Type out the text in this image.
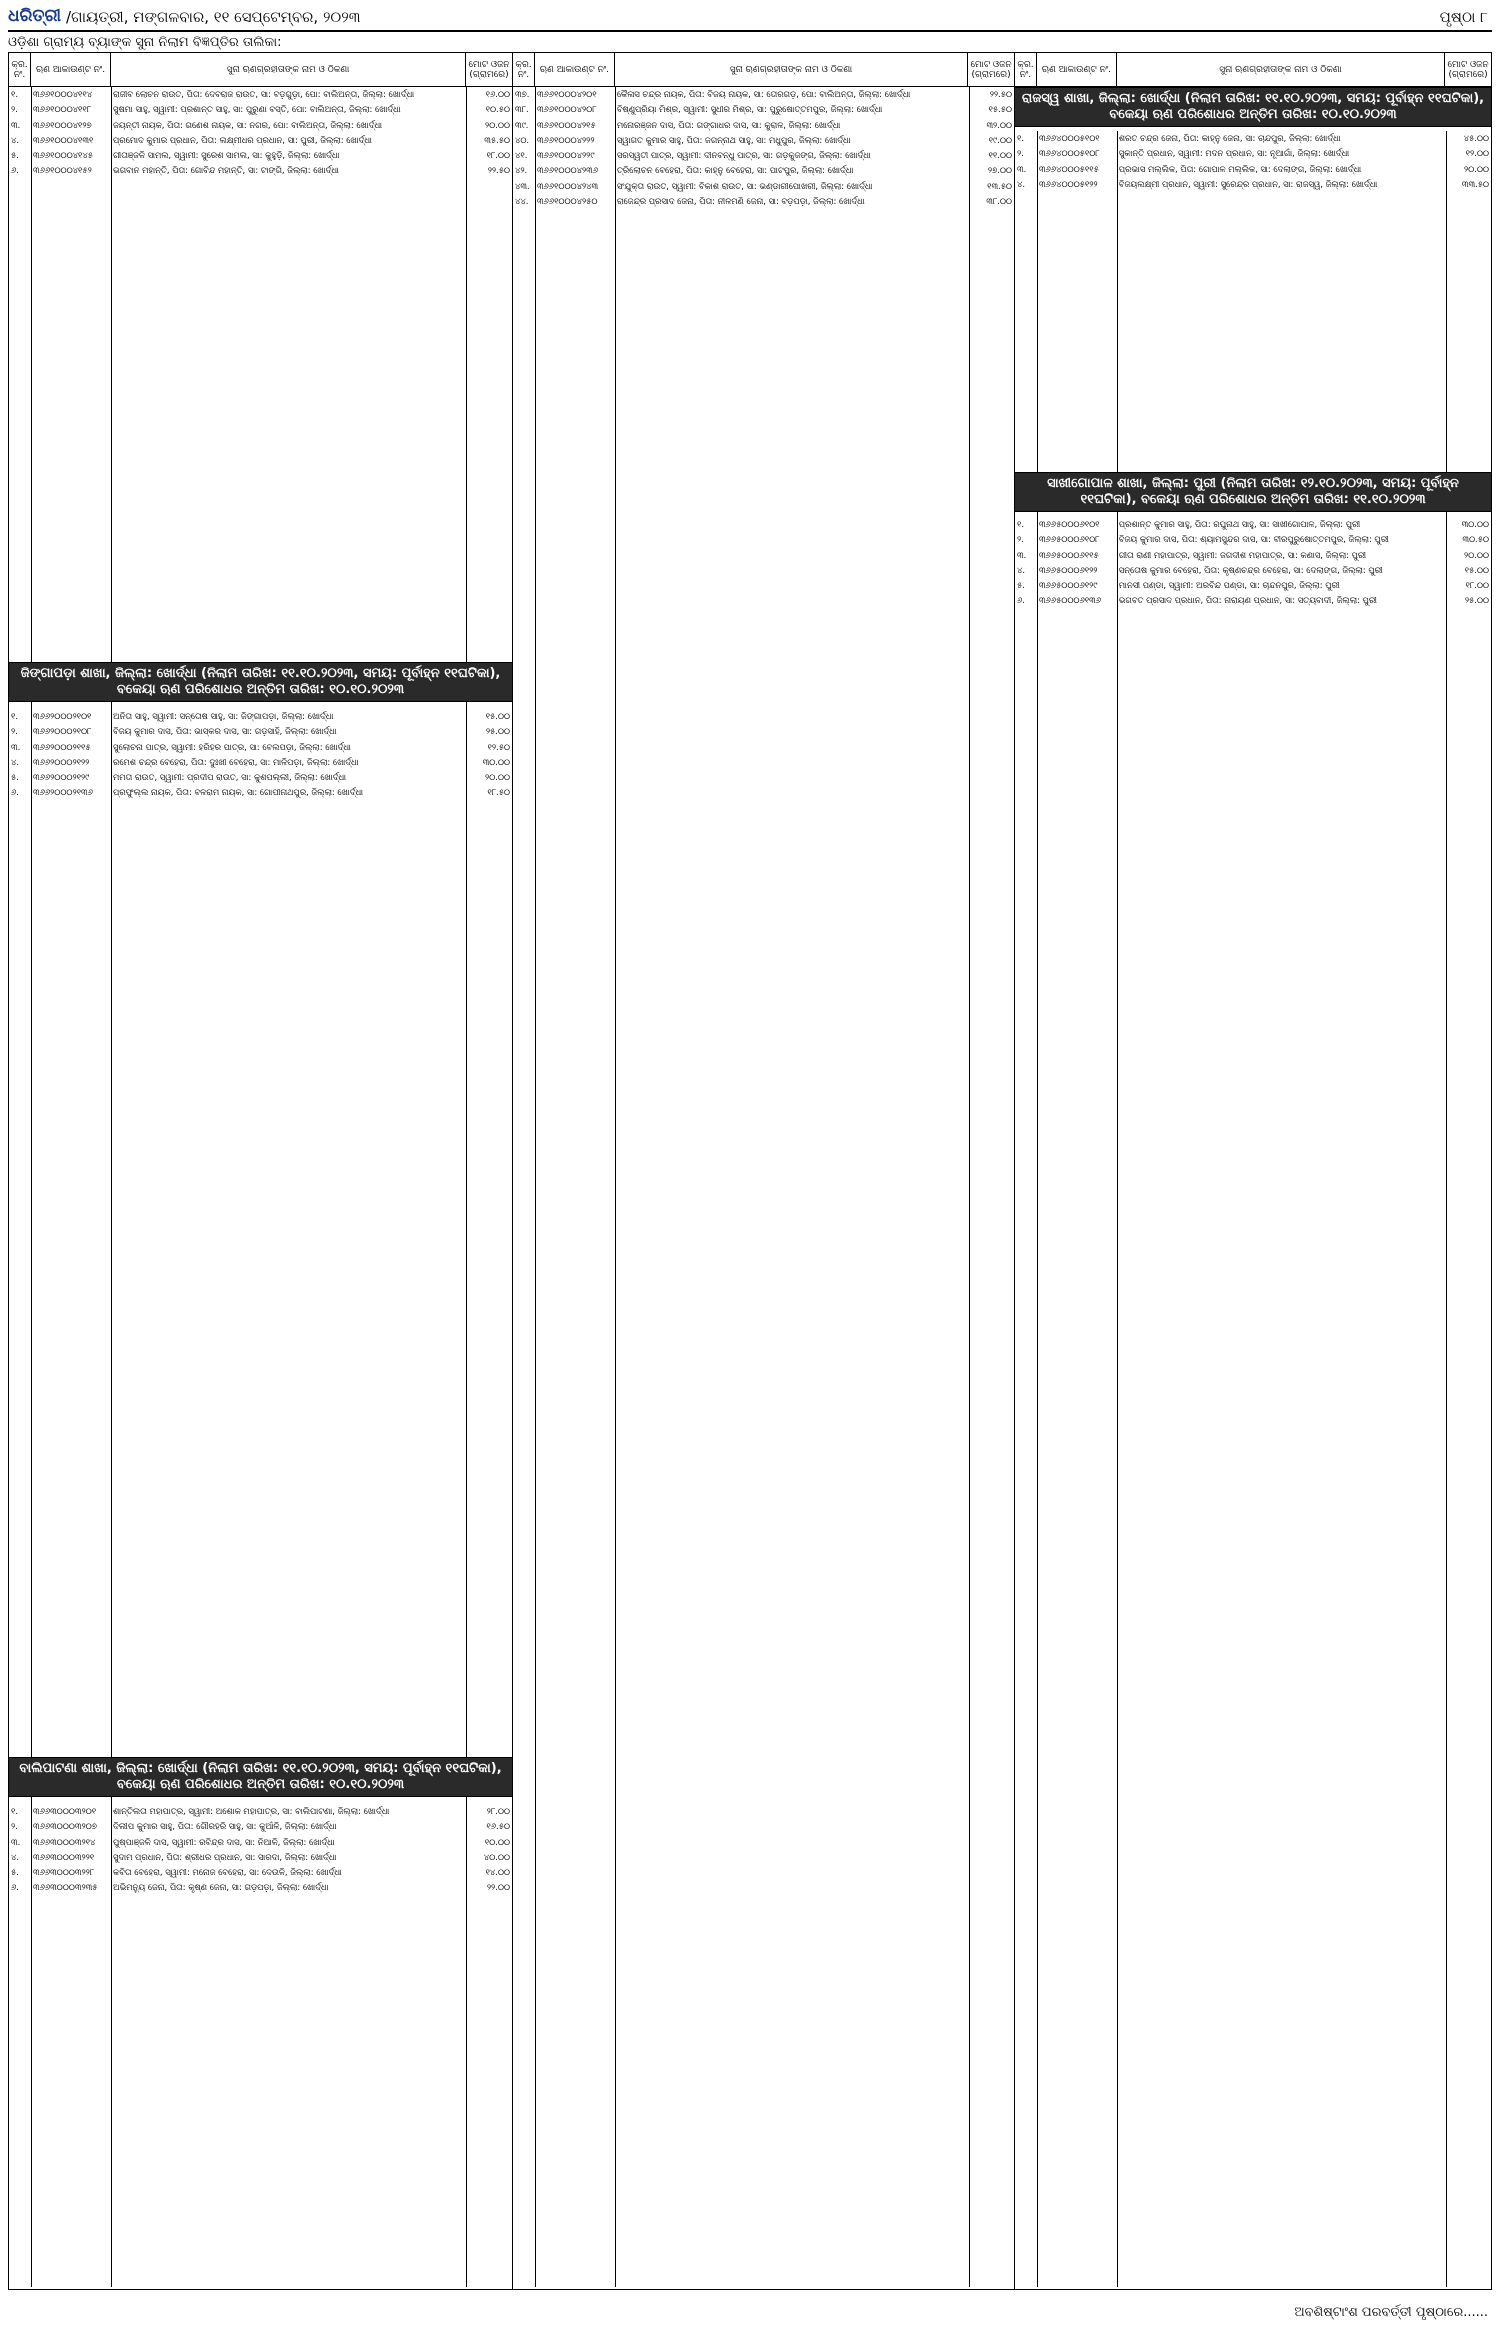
ଧରିତ୍ରୀ /ଗାୟତ୍ରୀ, ମଙ୍ଗଳବାର, ୧୧ ସେପ୍ଟେମ୍ବର, ୨୦୨୩	ପୃଷ୍ଠା ୮
ଓଡ଼ିଶା ଗ୍ରାମ୍ୟ ବ୍ୟାଙ୍କ ସୁନା ନିଲାମ ବିଜ୍ଞପ୍ତିର ତାଲିକା:
କ୍ର. ନଂ.	ଋଣ ଆକାଉଣ୍ଟ ନଂ.	ସୁନା ଋଣଗ୍ରହୀତାଙ୍କ ନାମ ଓ ଠିକଣା	ମୋଟ ଓଜନ (ଗ୍ରାମରେ)
୧.	୩୬୬୧୦୦୦୪୧୧୪	ରାଜୀବ ଲୋଚନ ରାଉତ, ପିତା: ଦେବରାଜ ରାଉତ, ସା: ବଡ଼ଗୁଡ଼ା, ପୋ: ବାଲିଅନ୍ତା, ଜିଲ୍ଲା: ଖୋର୍ଦ୍ଧା	୧୬.୦୦
୨.	୩୬୬୧୦୦୦୪୧୧୮	ସୁଷମା ସାହୁ, ସ୍ୱାମୀ: ପ୍ରଶାନ୍ତ ସାହୁ, ସା: ପୁରୁଣା ବସ୍ତି, ପୋ: ବାଲିଅନ୍ତା, ଜିଲ୍ଲା: ଖୋର୍ଦ୍ଧା	୧୦.୫୦
୩.	୩୬୬୧୦୦୦୪୧୨୭	ଜୟନ୍ତୀ ନାୟକ, ପିତା: ଗଣେଶ ନାୟକ, ସା: ନଗର, ପୋ: ବାଲିଅନ୍ତା, ଜିଲ୍ଲା: ଖୋର୍ଦ୍ଧା	୨୦.୦୦
୪.	୩୬୬୧୦୦୦୪୧୩୧	ପ୍ରମୋଦ କୁମାର ପ୍ରଧାନ, ପିତା: ଲକ୍ଷ୍ମୀଧର ପ୍ରଧାନ, ସା: ପୁରୀ, ଜିଲ୍ଲା: ଖୋର୍ଦ୍ଧା	୩୫.୫୦
୫.	୩୬୬୧୦୦୦୪୧୪୫	ଗୀତାଞ୍ଜଳି ସାମଲ, ସ୍ୱାମୀ: ସୁରେଶ ସାମଲ, ସା: କୁହୁଡ଼ି, ଜିଲ୍ଲା: ଖୋର୍ଦ୍ଧା	୧୮.୦୦
୬.	୩୬୬୧୦୦୦୪୧୫୨	ଭଗବାନ ମହାନ୍ତି, ପିତା: ଗୋବିନ୍ଦ ମହାନ୍ତି, ସା: ଟାଙ୍ଗି, ଜିଲ୍ଲା: ଖୋର୍ଦ୍ଧା	୨୨.୫୦
ଜିଙ୍ଗାପଡ଼ା ଶାଖା, ଜିଲ୍ଲା: ଖୋର୍ଦ୍ଧା (ନିଲାମ ତାରିଖ: ୧୧.୧୦.୨୦୨୩, ସମୟ: ପୂର୍ବାହ୍ନ ୧୧ଘଟିକା), ବକେୟା ଋଣ ପରିଶୋଧର ଅନ୍ତିମ ତାରିଖ: ୧୦.୧୦.୨୦୨୩
୧.	୩୬୬୨୦୦୦୨୧୦୧	ଅନିତା ସାହୁ, ସ୍ୱାମୀ: ସନ୍ତୋଷ ସାହୁ, ସା: ଜିଙ୍ଗାପଡ଼ା, ଜିଲ୍ଲା: ଖୋର୍ଦ୍ଧା	୧୫.୦୦
୨.	୩୬୬୨୦୦୦୨୧୦୮	ବିଜୟ କୁମାର ଦାସ, ପିତା: ଭାସ୍କର ଦାସ, ସା: ଗଡ଼ସାହି, ଜିଲ୍ଲା: ଖୋର୍ଦ୍ଧା	୨୫.୦୦
୩.	୩୬୬୨୦୦୦୨୧୧୫	ସୁଲୋଚନା ପାତ୍ର, ସ୍ୱାମୀ: ହରିହର ପାତ୍ର, ସା: ବେଲପଡ଼ା, ଜିଲ୍ଲା: ଖୋର୍ଦ୍ଧା	୧୨.୫୦
୪.	୩୬୬୨୦୦୦୨୧୨୨	ରମେଶ ଚନ୍ଦ୍ର ବେହେରା, ପିତା: ଦୁଃଖୀ ବେହେରା, ସା: ମାଳିପଡ଼ା, ଜିଲ୍ଲା: ଖୋର୍ଦ୍ଧା	୩୦.୦୦
୫.	୩୬୬୨୦୦୦୨୧୨୯	ମମତା ରାଉତ, ସ୍ୱାମୀ: ପ୍ରଦୀପ ରାଉତ, ସା: କୁଶପଲ୍ଲୀ, ଜିଲ୍ଲା: ଖୋର୍ଦ୍ଧା	୨୦.୦୦
୬.	୩୬୬୨୦୦୦୨୧୩୬	ପ୍ରଫୁଲ୍ଲ ନାୟକ, ପିତା: ବଳରାମ ନାୟକ, ସା: ଗୋପୀନାଥପୁର, ଜିଲ୍ଲା: ଖୋର୍ଦ୍ଧା	୧୮.୫୦
ବାଲିପାଟଣା ଶାଖା, ଜିଲ୍ଲା: ଖୋର୍ଦ୍ଧା (ନିଲାମ ତାରିଖ: ୧୧.୧୦.୨୦୨୩, ସମୟ: ପୂର୍ବାହ୍ନ ୧୧ଘଟିକା), ବକେୟା ଋଣ ପରିଶୋଧର ଅନ୍ତିମ ତାରିଖ: ୧୦.୧୦.୨୦୨୩
୧.	୩୬୬୩୦୦୦୩୨୦୧	ଶାନ୍ତିଲତା ମହାପାତ୍ର, ସ୍ୱାମୀ: ଅଶୋକ ମହାପାତ୍ର, ସା: ବାଲିପାଟଣା, ଜିଲ୍ଲା: ଖୋର୍ଦ୍ଧା	୨୮.୦୦
୨.	୩୬୬୩୦୦୦୩୨୦୭	ଦିଲୀପ କୁମାର ସାହୁ, ପିତା: ଗୌରହରି ସାହୁ, ସା: କୁଆଁଳି, ଜିଲ୍ଲା: ଖୋର୍ଦ୍ଧା	୧୬.୫୦
୩.	୩୬୬୩୦୦୦୩୨୧୪	ପୁଷ୍ପାଞ୍ଜଳି ଦାସ, ସ୍ୱାମୀ: ରବିନ୍ଦ୍ର ଦାସ, ସା: ନିଆଳି, ଜିଲ୍ଲା: ଖୋର୍ଦ୍ଧା	୧୦.୦୦
୪.	୩୬୬୩୦୦୦୩୨୨୧	ସୁଦାମ ପ୍ରଧାନ, ପିତା: ଶ୍ରୀଧର ପ୍ରଧାନ, ସା: ସାରଦା, ଜିଲ୍ଲା: ଖୋର୍ଦ୍ଧା	୪୦.୦୦
୫.	୩୬୬୩୦୦୦୩୨୨୮	କବିତା ବେହେରା, ସ୍ୱାମୀ: ମନୋଜ ବେହେରା, ସା: ଦେଉଳି, ଜିଲ୍ଲା: ଖୋର୍ଦ୍ଧା	୧୪.୦୦
୬.	୩୬୬୩୦୦୦୩୨୩୫	ଅଭିମନ୍ୟୁ ଜେନା, ପିତା: କୃଷ୍ଣ ଜେନା, ସା: ଗଡ଼ପଡ଼ା, ଜିଲ୍ଲା: ଖୋର୍ଦ୍ଧା	୨୨.୦୦
କ୍ର. ନଂ.	ଋଣ ଆକାଉଣ୍ଟ ନଂ.	ସୁନା ଋଣଗ୍ରହୀତାଙ୍କ ନାମ ଓ ଠିକଣା	ମୋଟ ଓଜନ (ଗ୍ରାମରେ)
୩୭. ୩୬୬୧୦୦୦୪୨୦୧	କୈଳାସ ଚନ୍ଦ୍ର ନାୟକ, ପିତା: ବିଜୟ ନାୟକ, ସା: ତୋରଗଡ଼, ପୋ: ବାଲିଅନ୍ତା, ଜିଲ୍ଲା: ଖୋର୍ଦ୍ଧା	୨୨.୫୦
୩୮. ୩୬୬୧୦୦୦୪୨୦୮	ବିଷ୍ଣୁପ୍ରିୟା ମିଶ୍ର, ସ୍ୱାମୀ: ସୁଧୀର ମିଶ୍ର, ସା: ପୁରୁଷୋତ୍ତମପୁର, ଜିଲ୍ଲା: ଖୋର୍ଦ୍ଧା	୧୫.୫୦
୩୯.	୩୬୬୧୦୦୦୪୨୧୫	ମନୋରଞ୍ଜନ ଦାସ, ପିତା: ଗଙ୍ଗାଧର ଦାସ, ସା: କୁରାଳ, ଜିଲ୍ଲା: ଖୋର୍ଦ୍ଧା	୩୨.୦୦
୪୦. ୩୬୬୧୦୦୦୪୨୨୨	ସ୍ୱାଗତ କୁମାର ସାହୁ, ପିତା: ଜଗନ୍ନାଥ ସାହୁ, ସା: ମଧୁପୁର, ଜିଲ୍ଲା: ଖୋର୍ଦ୍ଧା	୧୯.୦୦
୪୧.	୩୬୬୧୦୦୦୪୨୨୯	ସରସ୍ୱତୀ ପାତ୍ର, ସ୍ୱାମୀ: ଦୀନବନ୍ଧୁ ପାତ୍ର, ସା: ଗଡ଼କୁଜଙ୍ଗ, ଜିଲ୍ଲା: ଖୋର୍ଦ୍ଧା	୧୧.୦୦
୪୨.	୩୬୬୧୦୦୦୪୨୩୬	ତ୍ରିଲୋଚନ ବେହେରା, ପିତା: କାହ୍ନୁ ବେହେରା, ସା: ପାଟପୁର, ଜିଲ୍ଲା: ଖୋର୍ଦ୍ଧା	୨୭.୦୦
୪୩. ୩୬୬୧୦୦୦୪୨୪୩	ସଂଯୁକ୍ତା ରାଉତ, ସ୍ୱାମୀ: ବିକାଶ ରାଉତ, ସା: ଭଣ୍ଡାରୀପୋଖରୀ, ଜିଲ୍ଲା: ଖୋର୍ଦ୍ଧା	୧୩.୫୦
୪୪.	୩୬୬୧୦୦୦୪୨୫୦	ରାଜେନ୍ଦ୍ର ପ୍ରସାଦ ଜେନା, ପିତା: ନୀଳମଣି ଜେନା, ସା: ବଡ଼ପଡ଼ା, ଜିଲ୍ଲା: ଖୋର୍ଦ୍ଧା	୩୮.୦୦
କ୍ର. ନଂ.	ଋଣ ଆକାଉଣ୍ଟ ନଂ.	ସୁନା ଋଣଗ୍ରହୀତାଙ୍କ ନାମ ଓ ଠିକଣା	ମୋଟ ଓଜନ (ଗ୍ରାମରେ)
ରାଜସ୍ୱ ଶାଖା, ଜିଲ୍ଲା: ଖୋର୍ଦ୍ଧା (ନିଲାମ ତାରିଖ: ୧୧.୧୦.୨୦୨୩, ସମୟ: ପୂର୍ବାହ୍ନ ୧୧ଘଟିକା), ବକେୟା ଋଣ ପରିଶୋଧର ଅନ୍ତିମ ତାରିଖ: ୧୦.୧୦.୨୦୨୩
୧.	୩୬୬୪୦୦୦୫୧୦୧	ଶରତ ଚନ୍ଦ୍ର ଜେନା, ପିତା: କାହ୍ନୁ ଜେନା, ସା: ଚାନ୍ଦପୁର, ଜିଲ୍ଲା: ଖୋର୍ଦ୍ଧା	୪୫.୦୦
୨.	୩୬୬୪୦୦୦୫୧୦୮	ସୁକାନ୍ତି ପ୍ରଧାନ, ସ୍ୱାମୀ: ମଦନ ପ୍ରଧାନ, ସା: ନୂଆଗାଁ, ଜିଲ୍ଲା: ଖୋର୍ଦ୍ଧା	୧୨.୦୦
୩.	୩୬୬୪୦୦୦୫୧୧୫	ପ୍ରଭାସ ମଲ୍ଲିକ, ପିତା: ଗୋପାଳ ମଲ୍ଲିକ, ସା: ଦେଲାଙ୍ଗ, ଜିଲ୍ଲା: ଖୋର୍ଦ୍ଧା	୨୦.୦୦
୪.	୩୬୬୪୦୦୦୫୧୨୨	ବିଜୟଲକ୍ଷ୍ମୀ ପ୍ରଧାନ, ସ୍ୱାମୀ: ସୁରେନ୍ଦ୍ର ପ୍ରଧାନ, ସା: ରାଜସ୍ୱ, ଜିଲ୍ଲା: ଖୋର୍ଦ୍ଧା	୩୩.୫୦
ସାଖୀଗୋପାଳ ଶାଖା, ଜିଲ୍ଲା: ପୁରୀ (ନିଲାମ ତାରିଖ: ୧୨.୧୦.୨୦୨୩, ସମୟ: ପୂର୍ବାହ୍ନ ୧୧ଘଟିକା), ବକେୟା ଋଣ ପରିଶୋଧର ଅନ୍ତିମ ତାରିଖ: ୧୧.୧୦.୨୦୨୩
୧.	୩୬୬୫୦୦୦୬୧୦୧	ପ୍ରଶାନ୍ତ କୁମାର ସାହୁ, ପିତା: ରଘୁନାଥ ସାହୁ, ସା: ସାଖୀଗୋପାଳ, ଜିଲ୍ଲା: ପୁରୀ	୩୦.୦୦
୨.	୩୬୬୫୦୦୦୬୧୦୮	ବିଜୟ କୁମାର ଦାସ, ପିତା: ଶ୍ୟାମସୁନ୍ଦର ଦାସ, ସା: ବୀରପୁରୁଷୋତ୍ତମପୁର, ଜିଲ୍ଲା: ପୁରୀ	୩୦.୫୦
୩.	୩୬୬୫୦୦୦୬୧୧୫	ଗୀତା ରାଣୀ ମହାପାତ୍ର, ସ୍ୱାମୀ: ଜଗଦୀଶ ମହାପାତ୍ର, ସା: କଣାସ, ଜିଲ୍ଲା: ପୁରୀ	୨୦.୦୦
୪.	୩୬୬୫୦୦୦୬୧୨୨	ସନ୍ତୋଷ କୁମାର ବେହେରା, ପିତା: କୃଷ୍ଣଚନ୍ଦ୍ର ବେହେରା, ସା: ଦେଲାଙ୍ଗ, ଜିଲ୍ଲା: ପୁରୀ	୧୫.୦୦
୫.	୩୬୬୫୦୦୦୬୧୨୯	ମାନସୀ ପଣ୍ଡା, ସ୍ୱାମୀ: ଅରବିନ୍ଦ ପଣ୍ଡା, ସା: ଚାନ୍ଦନପୁର, ଜିଲ୍ଲା: ପୁରୀ	୧୮.୦୦
୬.	୩୬୬୫୦୦୦୬୧୩୬	ଭଗବତ ପ୍ରସାଦ ପ୍ରଧାନ, ପିତା: ନାରାୟଣ ପ୍ରଧାନ, ସା: ସତ୍ୟବାଦୀ, ଜିଲ୍ଲା: ପୁରୀ	୨୫.୦୦
ଅବଶିଷ୍ଟାଂଶ ପରବର୍ତ୍ତୀ ପୃଷ୍ଠାରେ......
